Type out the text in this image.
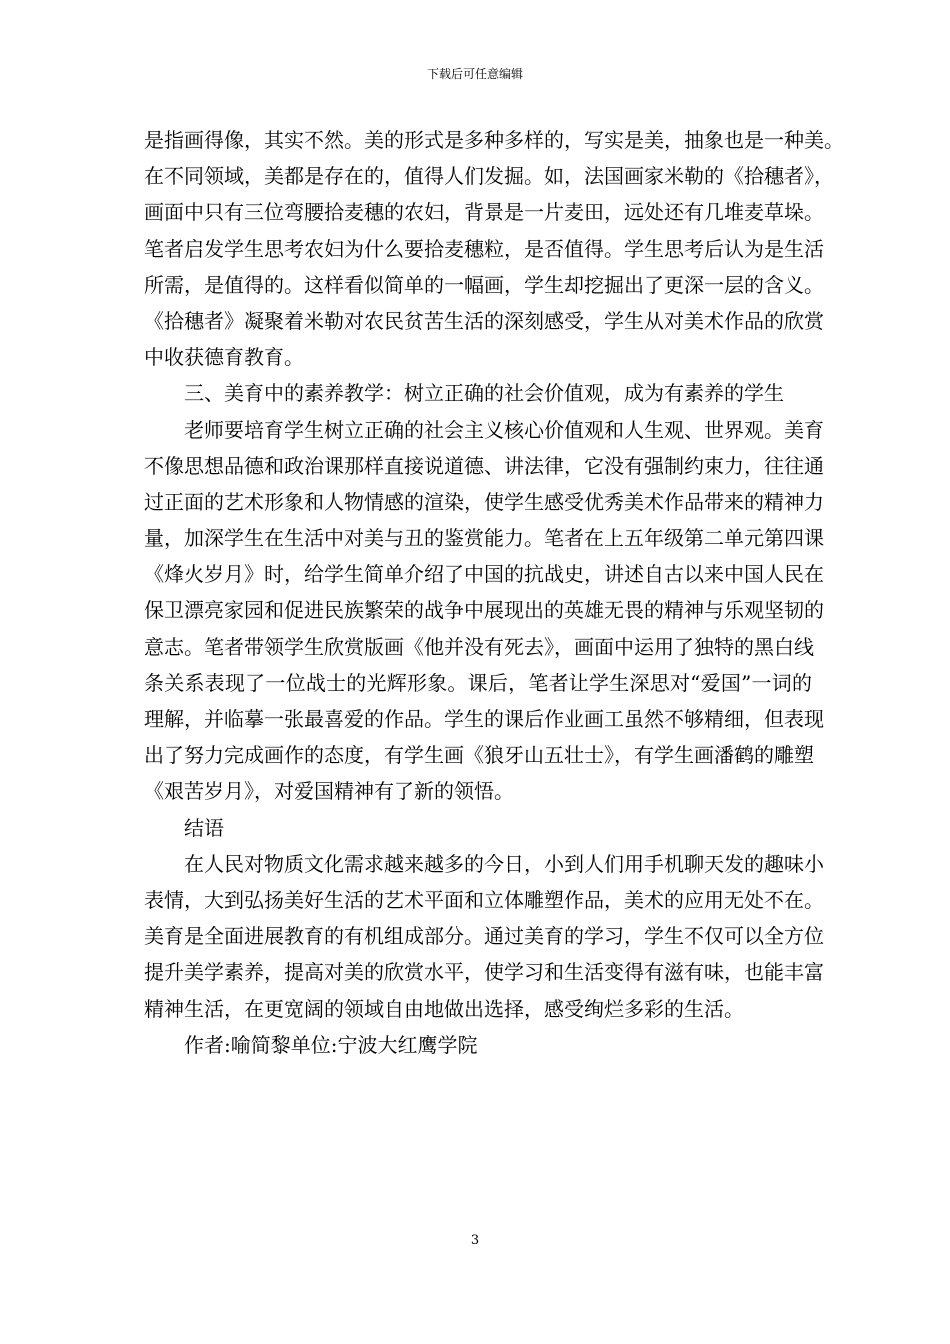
下载后可任意编辑
是指画得像，其实不然。美的形式是多种多样的，写实是美，抽象也是一种美。
在不同领域，美都是存在的，值得人们发掘。如，法国画家米勒的《拾穗者》，
画面中只有三位弯腰拾麦穗的农妇，背景是一片麦田，远处还有几堆麦草垛。
笔者启发学生思考农妇为什么要拾麦穗粒，是否值得。学生思考后认为是生活
所需，是值得的。这样看似简单的一幅画，学生却挖掘出了更深一层的含义。
《拾穗者》凝聚着米勒对农民贫苦生活的深刻感受，学生从对美术作品的欣赏
中收获德育教育。
三、美育中的素养教学：树立正确的社会价值观，成为有素养的学生
老师要培育学生树立正确的社会主义核心价值观和人生观、世界观。美育
不像思想品德和政治课那样直接说道德、讲法律，它没有强制约束力，往往通
过正面的艺术形象和人物情感的渲染，使学生感受优秀美术作品带来的精神力
量，加深学生在生活中对美与丑的鉴赏能力。笔者在上五年级第二单元第四课
《烽火岁月》时，给学生简单介绍了中国的抗战史，讲述自古以来中国人民在
保卫漂亮家园和促进民族繁荣的战争中展现出的英雄无畏的精神与乐观坚韧的
意志。笔者带领学生欣赏版画《他并没有死去》，画面中运用了独特的黑白线
条关系表现了一位战士的光辉形象。课后，笔者让学生深思对“爱国”一词的
理解，并临摹一张最喜爱的作品。学生的课后作业画工虽然不够精细，但表现
出了努力完成画作的态度，有学生画《狼牙山五壮士》，有学生画潘鹤的雕塑
《艰苦岁月》，对爱国精神有了新的领悟。
结语
在人民对物质文化需求越来越多的今日，小到人们用手机聊天发的趣味小
表情，大到弘扬美好生活的艺术平面和立体雕塑作品，美术的应用无处不在。
美育是全面进展教育的有机组成部分。通过美育的学习，学生不仅可以全方位
提升美学素养，提高对美的欣赏水平，使学习和生活变得有滋有味，也能丰富
精神生活，在更宽阔的领域自由地做出选择，感受绚烂多彩的生活。
作者:喻简黎单位:宁波大红鹰学院
3
